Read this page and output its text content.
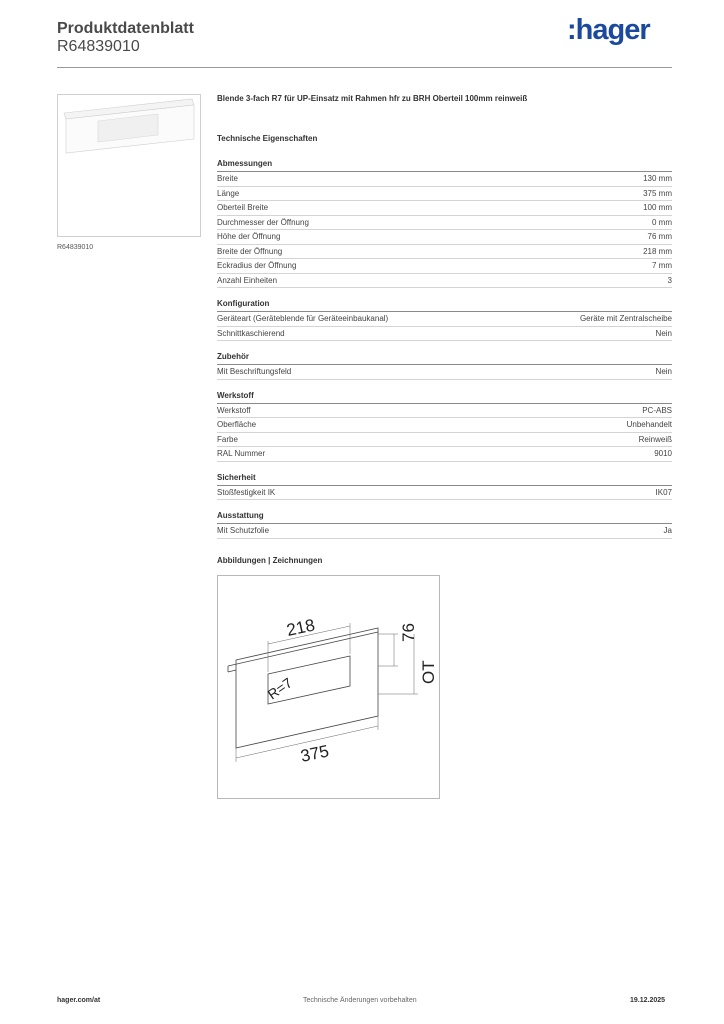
Produktdatenblatt
R64839010
:hager
R64839010
Blende 3-fach R7 für UP-Einsatz mit Rahmen hfr zu BRH Oberteil 100mm reinweiß
Technische Eigenschaften
Abmessungen
Breite	130 mm
Länge	375 mm
Oberteil Breite	100 mm
Durchmesser der Öffnung	0 mm
Höhe der Öffnung	76 mm
Breite der Öffnung	218 mm
Eckradius der Öffnung	7 mm
Anzahl Einheiten	3
Konfiguration
Geräteart (Geräteblende für Geräteeinbaukanal)	Geräte mit Zentralscheibe
Schnittkaschierend	Nein
Zubehör
Mit Beschriftungsfeld	Nein
Werkstoff
Werkstoff	PC-ABS
Oberfläche	Unbehandelt
Farbe	Reinweiß
RAL Nummer	9010
Sicherheit
Stoßfestigkeit IK	IK07
Ausstattung
Mit Schutzfolie	Ja
Abbildungen | Zeichnungen
218	76
OT
R=7
375
hager.com/at	Technische Änderungen vorbehalten	19.12.2025
